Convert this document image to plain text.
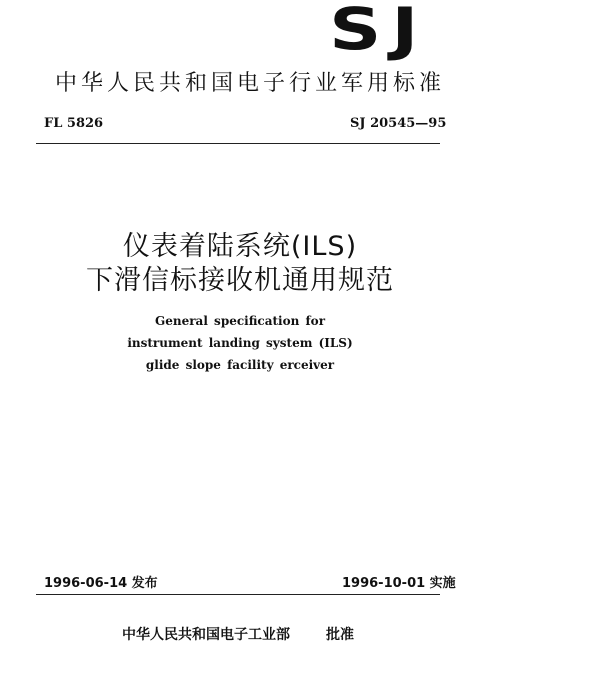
SJ
中华人民共和国电子行业军用标准
FL 5826	SJ 20545—95
仪表着陆系统(ILS)
下滑信标接收机通用规范
General specification for
instrument landing system (ILS)
glide slope facility erceiver
1996-06-14 发布	1996-10-01 实施
中华人民共和国电子工业部	批准
